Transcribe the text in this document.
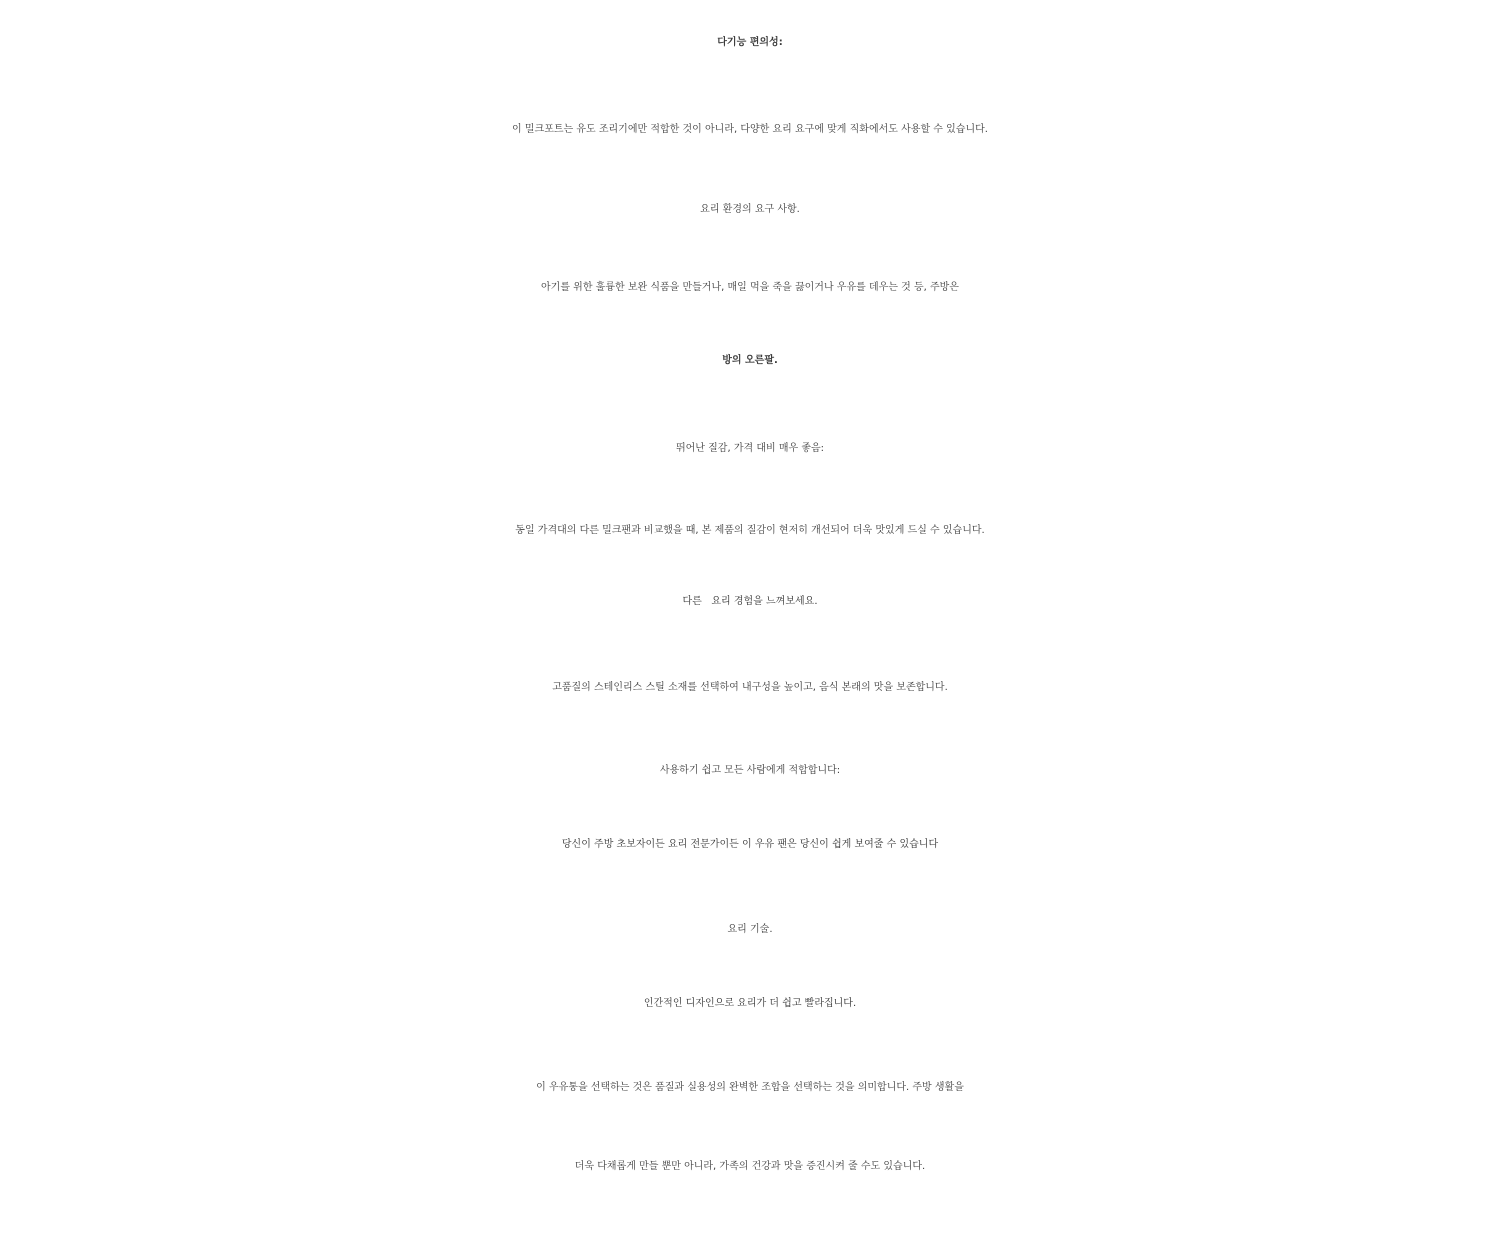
다기능 편의성:
이 밀크포트는 유도 조리기에만 적합한 것이 아니라, 다양한 요리 요구에 맞게 직화에서도 사용할 수 있습니다.
요리 환경의 요구 사항.
아기를 위한 훌륭한 보완 식품을 만들거나, 매일 먹을 죽을 끓이거나 우유를 데우는 것 등, 주방은
방의 오른팔.
뛰어난 질감, 가격 대비 매우 좋음:
동일 가격대의 다른 밀크팬과 비교했을 때, 본 제품의 질감이 현저히 개선되어 더욱 맛있게 드실 수 있습니다.
다른   요리 경험을 느껴보세요.
고품질의 스테인리스 스틸 소재를 선택하여 내구성을 높이고, 음식 본래의 맛을 보존합니다.
사용하기 쉽고 모든 사람에게 적합합니다:
당신이 주방 초보자이든 요리 전문가이든 이 우유 팬은 당신이 쉽게 보여줄 수 있습니다
요리 기술.
인간적인 디자인으로 요리가 더 쉽고 빨라집니다.
이 우유통을 선택하는 것은 품질과 실용성의 완벽한 조합을 선택하는 것을 의미합니다. 주방 생활을
더욱 다채롭게 만들 뿐만 아니라, 가족의 건강과 맛을 증진시켜 줄 수도 있습니다.
